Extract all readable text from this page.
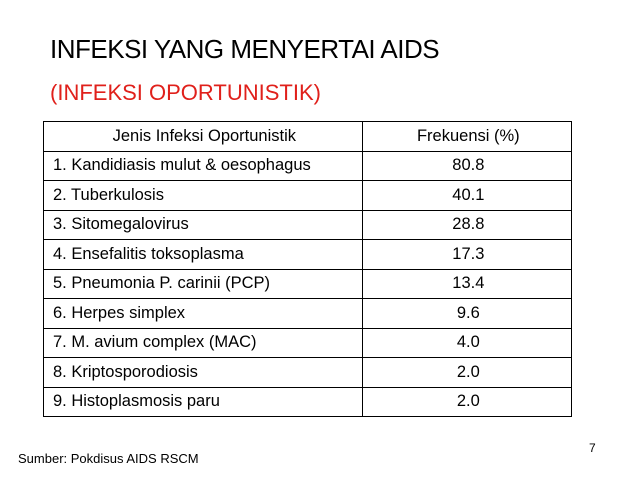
INFEKSI YANG MENYERTAI AIDS
(INFEKSI OPORTUNISTIK)
Jenis Infeksi Oportunistik	Frekuensi (%)
1. Kandidiasis mulut & oesophagus	80.8
2. Tuberkulosis	40.1
3. Sitomegalovirus	28.8
4. Ensefalitis toksoplasma	17.3
5. Pneumonia P. carinii (PCP)	13.4
6. Herpes simplex	9.6
7. M. avium complex (MAC)	4.0
8. Kriptosporodiosis	2.0
9. Histoplasmosis paru	2.0
7
Sumber: Pokdisus AIDS RSCM
